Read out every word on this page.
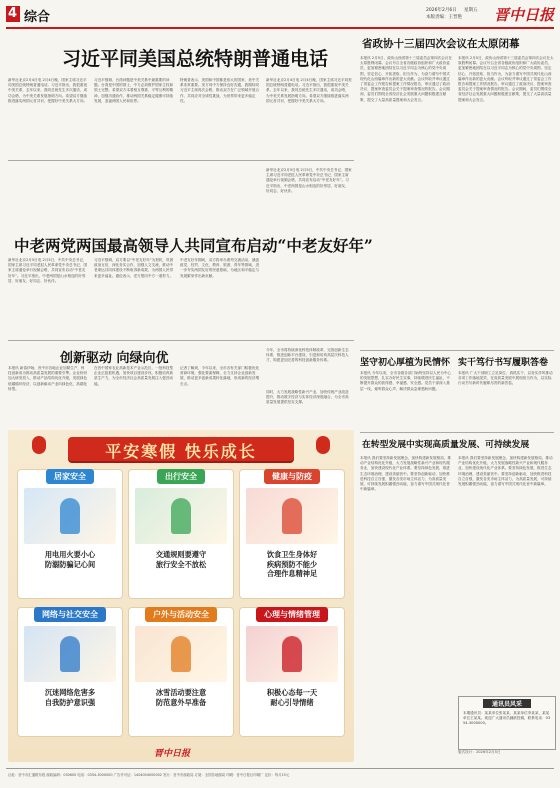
4 综合	2026年2月6日 星期五
本版责编：王晋艳 晋中日报
习近平同美国总统特朗普通电话

新华社北京2月4日电 2月4日晚，国家主席习近平同美国总统特朗普通电话。习近平指出，我很重视中美关系，去年以来，我同总统先生多次通话，成功会晤，为中美关系发展指明方向。希望双方继续推进落实两国元首共识，把握好中美关系大方向。

习近平强调，台湾问题是中美关系中最重要的问题。台湾是中国的领土，中方必须维护国家主权和领土完整。希望双方本着相互尊重、平等互利的精神，加强沟通协作，推动两国关系稳定健康可持续发展，造福两国人民和世界。

特朗普表示，美国和中国都是伟大的国家，美中关系非常重要。美方同中方保持良好沟通，我期待同习近平主席再次会晤，推动双方在广泛领域开展合作，共同应对全球性挑战，为世界带来更多稳定性。

新华社北京2月4日电 2月4日晚，国家主席习近平同美国总统特朗普通电话。习近平指出，我很重视中美关系，去年以来，我同总统先生多次通话，成功会晤，为中美关系发展指明方向。希望双方继续推进落实两国元首共识，把握好中美关系大方向。

中老两党两国最高领导人共同宣布启动“中老友好年”

新华社北京2月5日电 2月5日，中共中央总书记、国家主席习近平同老挝人民革命党中央总书记、国家主席通伦举行视频会晤，共同宣布启动“中老友好年”。习近平指出，中老两国是山水相连的好邻居、好朋友、好同志、好伙伴。

习近平强调，双方要以“中老友好年”为契机，巩固政治互信，深化务实合作，加强人文交流，推动中老命运共同体建设不断取得新成果，为两国人民带来更多福祉。通伦表示，老方愿同中方一道努力。

中老友好年期间，双方将举办系列交流活动，涵盖政党、经贸、文化、教育、旅游、青年等领域，进一步夯实两国友好的民意基础，为地区和平稳定与发展繁荣作出新贡献。

新华社北京2月5日电 2月5日，中共中央总书记、国家主席习近平同老挝人民革命党中央总书记、国家主席通伦举行视频会晤，共同宣布启动“中老友好年”。习近平指出，中老两国是山水相连的好邻居、好朋友、好同志、好伙伴。

省政协十三届四次会议在太原闭幕

本报讯 2月5日，政协山西省第十三届委员会第四次会议在太原胜利闭幕。会议号召全省各级政协组织和广大政协委员，更加紧密地团结在以习近平同志为核心的党中央周围，坚定信心、开拓进取、担当作为，为奋力谱写中国式现代化山西篇章作出新的更大贡献。会议听取并审议通过了常委会工作报告和提案工作情况报告，审议通过了政治决议、提案审查委员会关于提案审查情况的报告。会议期间，委员们围绕全省经济社会发展重大问题积极建言献策，提交了大量高质量提案和大会发言。

本报讯 2月5日，政协山西省第十三届委员会第四次会议在太原胜利闭幕。会议号召全省各级政协组织和广大政协委员，更加紧密地团结在以习近平同志为核心的党中央周围，坚定信心、开拓进取、担当作为，为奋力谱写中国式现代化山西篇章作出新的更大贡献。会议听取并审议通过了常委会工作报告和提案工作情况报告，审议通过了政治决议、提案审查委员会关于提案审查情况的报告。会议期间，委员们围绕全省经济社会发展重大问题积极建言献策，提交了大量高质量提案和大会发言。

创新驱动 向绿向优

本报讯 新春伊始，晋中市各地企业加紧生产，科技创新成为推动高质量发展的重要引擎。企业纷纷加大研发投入，推动产品结构优化升级，发展绿色低碳循环经济，以创新驱动产业向绿色化、高端化转型。

在晋中国家农业高新技术产业示范区，一批科技型企业正抢抓机遇，加快项目建设步伐，积极培育新质生产力，为全市经济社会高质量发展注入强劲动能。

记者了解到，今年以来，全市各有关部门积极优化营商环境，强化要素保障，全力支持企业创新发展，推动更多创新成果转化落地，形成新的经济增长点。

今年，全市将持续深化科技体制改革，完善创新生态体系，推进创新平台建设，引进和培育高层次科技人才，构建更加完善的科技创新服务体系。

同时，大力发展战略性新兴产业，加快传统产业改造提升，推动数字经济与实体经济深度融合，为全市高质量发展提供坚实支撑。

坚守初心厚植为民情怀

本报讯 今年以来，全市各级各部门始终坚持以人民为中心的发展思想，扎实办好民生实事，持续增进民生福祉，不断提升群众的获得感、幸福感、安全感。党员干部深入基层一线，倾听群众心声，解决群众急难愁盼问题。

实干笃行书写履职答卷

本报讯 广大干部职工立足岗位、真抓实干，以务实作风推动各项工作落地见效，在高质量发展中展现担当作为，以实际行动书写新时代履职尽责的新答卷。

在转型发展中实现高质量发展、可持续发展

本报讯 我们要坚持新发展理念，加快构建新发展格局，推动产业结构优化升级，大力发展战略性新兴产业和现代服务业，加快建设现代化产业体系。要坚持绿色发展，推进生态环境治理，建设美丽晋中。要坚持创新驱动，加快推进科技自立自强，激发各类市场主体活力，为高质量发展、可持续发展积蓄强劲动能，奋力谱写中国式现代化晋中新篇章。

本报讯 我们要坚持新发展理念，加快构建新发展格局，推动产业结构优化升级，大力发展战略性新兴产业和现代服务业，加快建设现代化产业体系。要坚持绿色发展，推进生态环境治理，建设美丽晋中。要坚持创新驱动，加快推进科技自立自强，激发各类市场主体活力，为高质量发展、可持续发展积蓄强劲动能，奋力谱写中国式现代化晋中新篇章。

通讯员风采

本期通讯员：某某单位张某某、某某单位李某某、某某单位王某某。欢迎广大通讯员踊跃投稿，联系电话：0354-3000000。

版式设计：2026年2月5日
平安寒假 快乐成长
居家安全
用电用火要小心
防溺防骗记心间
出行安全
交通规则要遵守
旅行安全不放松
健康与防疫
饮食卫生身体好
疾病预防不能少
合理作息精神足
网络与社交安全
沉迷网络危害多
自我防护意识强
户外与活动安全
冰雪活动要注意
防范意外早准备
心理与情绪管理
积极心态每一天
耐心引导情绪
晋中日报
社址：晋中市汇通路东段 邮政编码：030600 电话：0354-3000000 广告许可证：1404004000002 发行：晋中市邮政局 订阅：全国各地邮局 印刷：晋中日报社印刷厂 定价：每月15元
